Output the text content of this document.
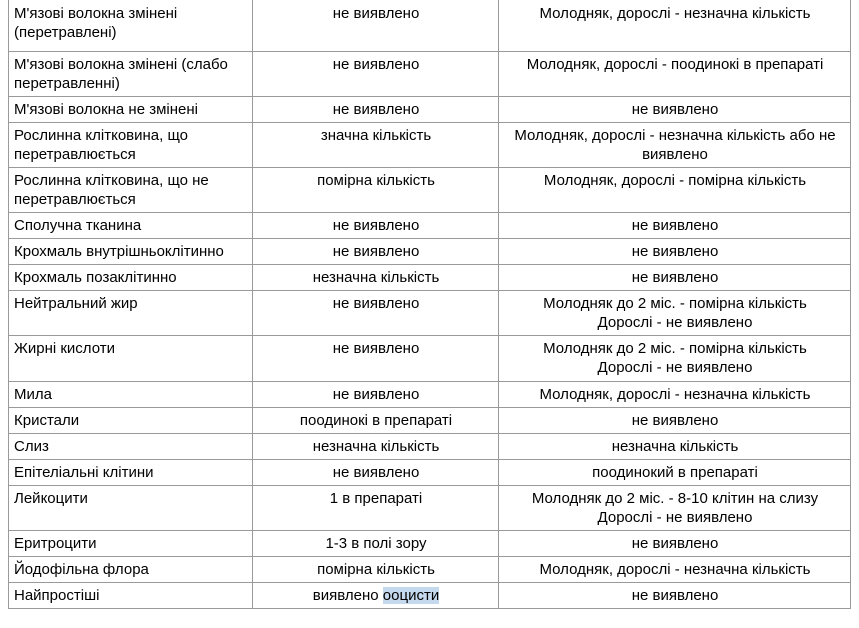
М'язові волокна змінені (перетравлені)	не виявлено	Молодняк, дорослі - незначна кількість

М'язові волокна змінені (слабо перетравленні)	не виявлено	Молодняк, дорослі - поодинокі в препараті

М'язові волокна не змінені	не виявлено	не виявлено

Рослинна клітковина, що перетравлюється	значна кількість	Молодняк, дорослі - незначна кількість або не виявлено

Рослинна клітковина, що не перетравлюється	помірна кількість	Молодняк, дорослі - помірна кількість

Сполучна тканина	не виявлено	не виявлено

Крохмаль внутрішньоклітинно	не виявлено	не виявлено

Крохмаль позаклітинно	незначна кількість	не виявлено

Нейтральний жир	не виявлено	Молодняк до 2 міс. - помірна кількість
Дорослі - не виявлено

Жирні кислоти	не виявлено	Молодняк до 2 міс. - помірна кількість
Дорослі - не виявлено

Мила	не виявлено	Молодняк, дорослі - незначна кількість

Кристали	поодинокі в препараті	не виявлено

Слиз	незначна кількість	незначна кількість

Епітеліальні клітини	не виявлено	поодинокий в препараті

Лейкоцити	1 в препараті	Молодняк до 2 міс. - 8-10 клітин на слизу
Дорослі - не виявлено

Еритроцити	1-3 в полі зору	не виявлено

Йодофільна флора	помірна кількість	Молодняк, дорослі - незначна кількість

Найпростіші	виявлено ооцисти	не виявлено
